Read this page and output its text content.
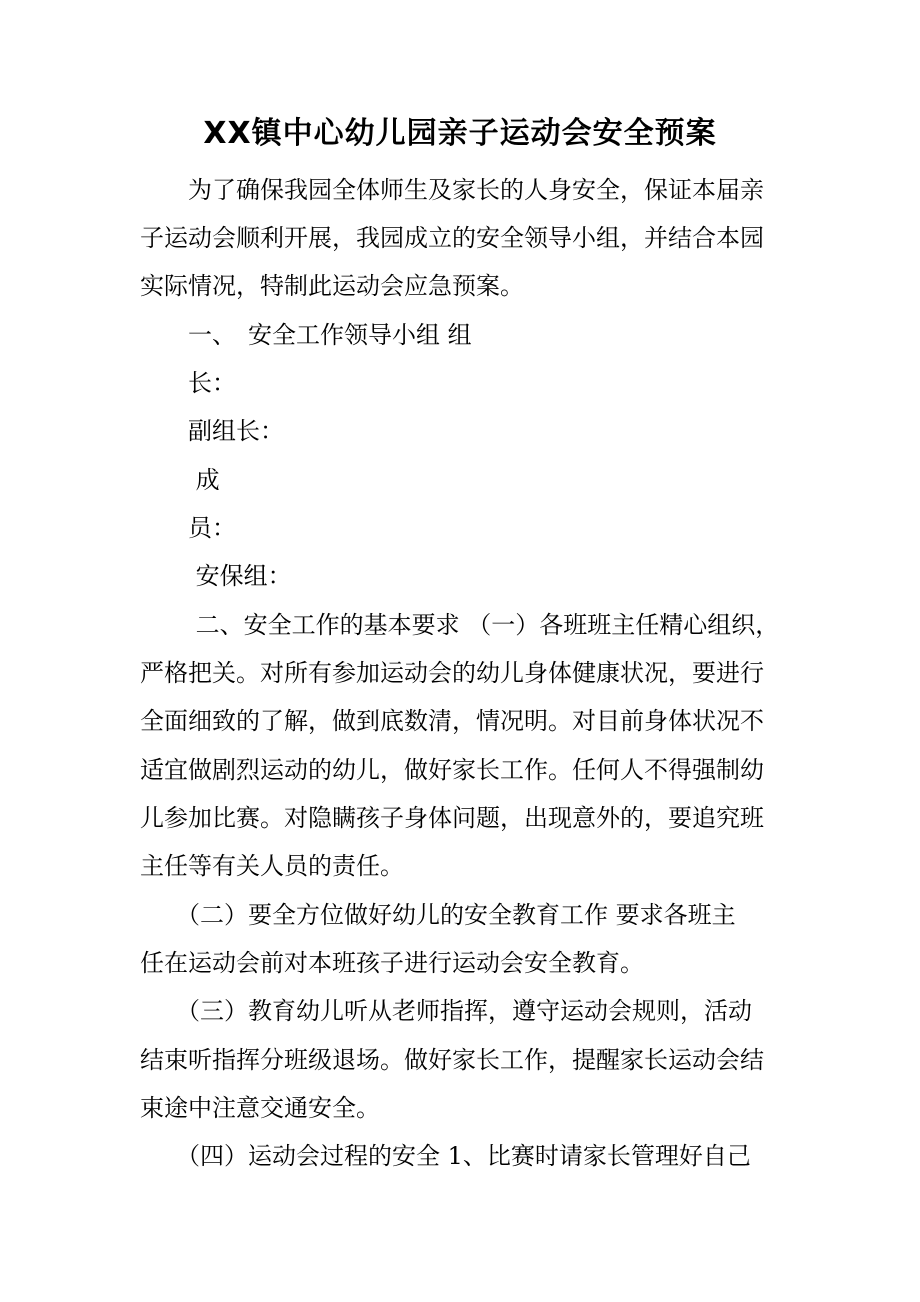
XX镇中心幼儿园亲子运动会安全预案
　　为了确保我园全体师生及家长的人身安全，保证本届亲
子运动会顺利开展，我园成立的安全领导小组，并结合本园
实际情况，特制此运动会应急预案。
　　一、　安全工作领导小组 组
　　长：
　　副组长：
　　 成
　　员：
　　 安保组：
　　 二、安全工作的基本要求 （一）各班班主任精心组织，
严格把关。对所有参加运动会的幼儿身体健康状况，要进行
全面细致的了解，做到底数清，情况明。对目前身体状况不
适宜做剧烈运动的幼儿，做好家长工作。任何人不得强制幼
儿参加比赛。对隐瞒孩子身体问题，出现意外的，要追究班
主任等有关人员的责任。
　　（二）要全方位做好幼儿的安全教育工作 要求各班主
任在运动会前对本班孩子进行运动会安全教育。
　　（三）教育幼儿听从老师指挥，遵守运动会规则，活动
结束听指挥分班级退场。做好家长工作，提醒家长运动会结
束途中注意交通安全。
　　（四）运动会过程的安全 1、比赛时请家长管理好自己
